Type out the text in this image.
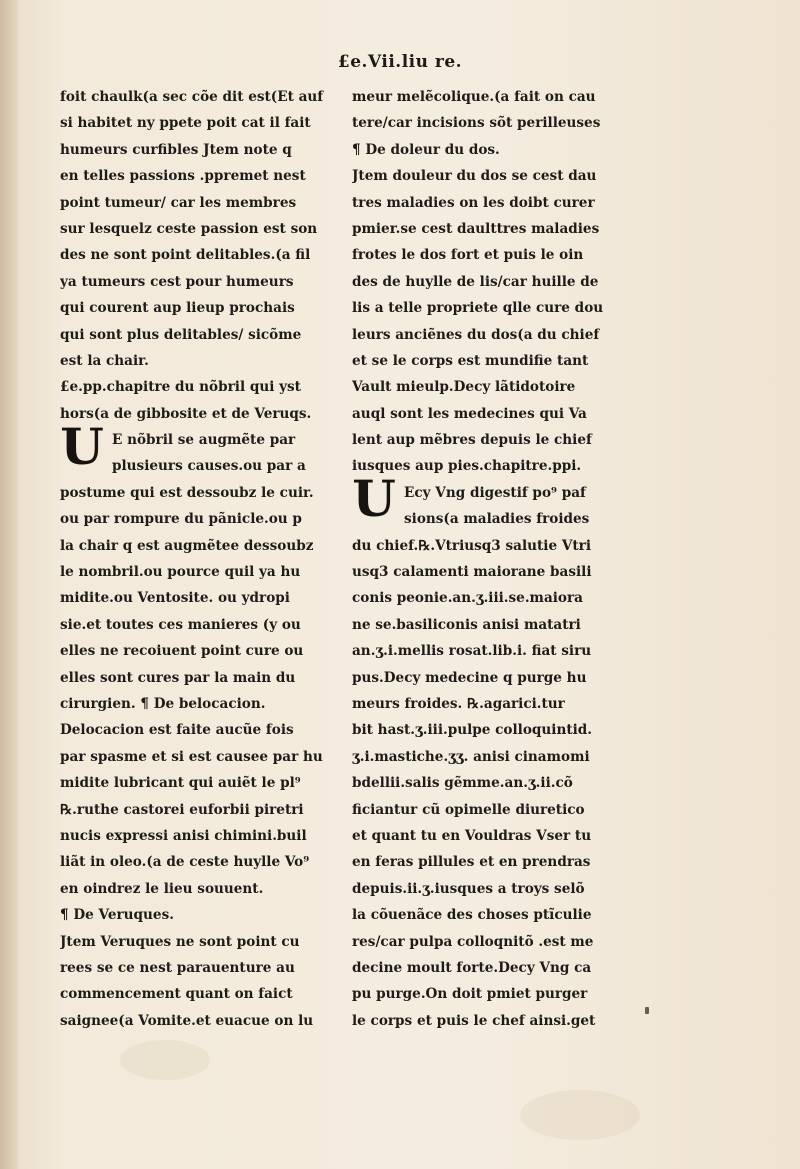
£e.Vii.liu re.
U
U
foit chaulk(a sec cõe dit est(Et auf
si habitet ny ppete poit cat il fait
humeurs curfibles Jtem note q
en telles passions .ppremet nest
point tumeur/ car les membres
sur lesquelz ceste passion est son
des ne sont point delitables.(a fil
ya tumeurs cest pour humeurs
qui courent aup lieup prochais
qui sont plus delitables/ sicõme
est la chair.
£e.pp.chapitre du nõbril qui yst
hors(a de gibbosite et de Veruqs.
E nõbril se augmẽte par
plusieurs causes.ou par a
postume qui est dessoubz le cuir.
ou par rompure du pãnicle.ou p
la chair q est augmẽtee dessoubz
le nombril.ou pource quil ya hu
midite.ou Ventosite. ou ydropi
sie.et toutes ces manieres (y ou
elles ne recoiuent point cure ou
elles sont cures par la main du
cirurgien. ¶ De belocacion.
Delocacion est faite aucũe fois
par spasme et si est causee par hu
midite lubricant qui auiẽt le pl⁹
℞.ruthe castorei euforbii piretri
nucis expressi anisi chimini.buil
liãt in oleo.(a de ceste huylle Vo⁹
en oindrez le lieu souuent.
¶ De Veruques.
Jtem Veruques ne sont point cu
rees se ce nest parauenture au
commencement quant on faict
saignee(a Vomite.et euacue on lu
meur melẽcolique.(a fait on cau
tere/car incisions sõt perilleuses
¶ De doleur du dos.
Jtem douleur du dos se cest dau
tres maladies on les doibt curer
pmier.se cest daulttres maladies
frotes le dos fort et puis le oin
des de huylle de lis/car huille de
lis a telle propriete qlle cure dou
leurs anciẽnes du dos(a du chief
et se le corps est mundifie tant
Vault mieulp.Decy lãtidotoire
auql sont les medecines qui Va
lent aup mẽbres depuis le chief
iusques aup pies.chapitre.ppi.
Ecy Vng digestif po⁹ paf
sions(a maladies froides
du chief.℞.Vtriusq3 salutie Vtri
usq3 calamenti maiorane basili
conis peonie.an.ʒ.iii.se.maiora
ne se.basiliconis anisi matatri
an.ʒ.i.mellis rosat.lib.i. fiat siru
pus.Decy medecine q purge hu
meurs froides. ℞.agarici.tur
bit hast.ʒ.iii.pulpe colloquintid.
ʒ.i.mastiche.ʒʒ. anisi cinamomi
bdellii.salis gẽmme.an.ʒ.ii.cõ
ficiantur cũ opimelle diuretico
et quant tu en Vouldras Vser tu
en feras pillules et en prendras
depuis.ii.ʒ.iusques a troys selõ
la cõuenãce des choses ptĩculie
res/car pulpa colloqnitõ .est me
decine moult forte.Decy Vng ca
pu purge.On doit pmiet purger
le corps et puis le chef ainsi.get
